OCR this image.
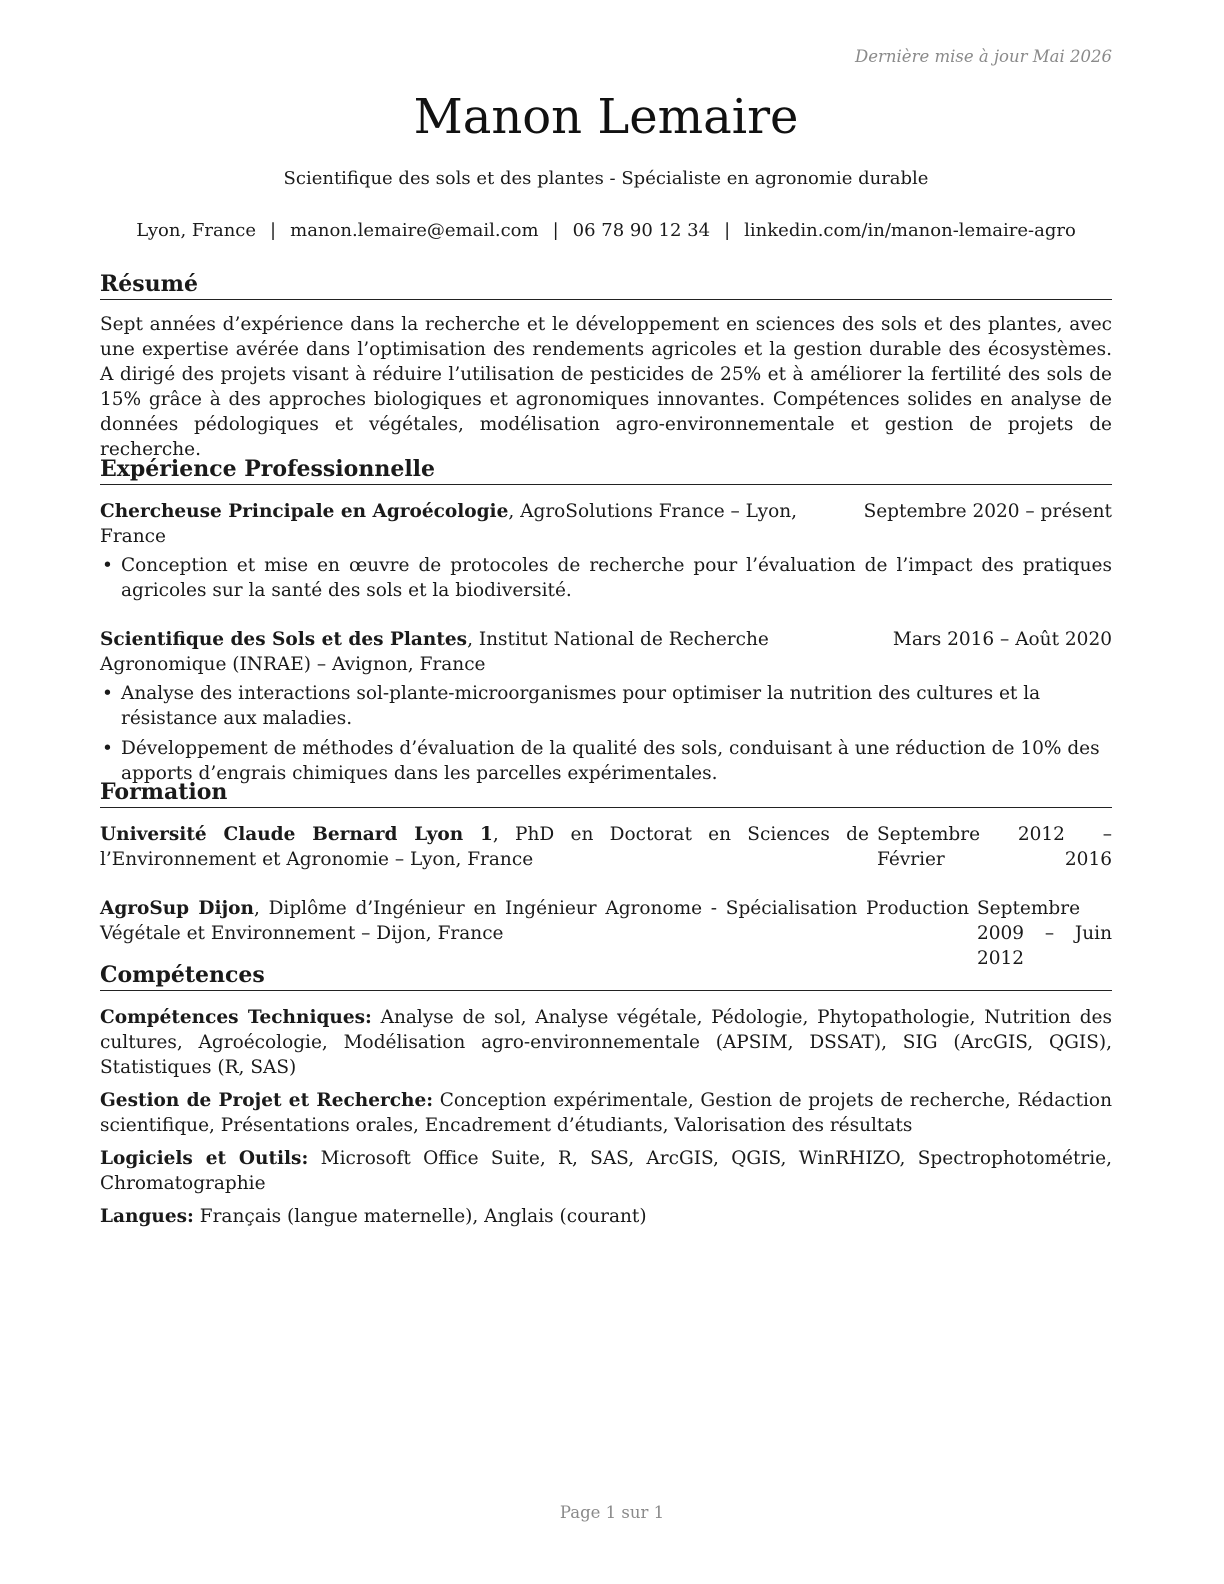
Dernière mise à jour Mai 2026
Manon Lemaire
Scientifique des sols et des plantes - Spécialiste en agronomie durable
Lyon, France | manon.lemaire@email.com | 06 78 90 12 34 | linkedin.com/in/manon-lemaire-agro
Résumé

Sept années d’expérience dans la recherche et le développement en sciences des sols et des plantes, avec une expertise avérée dans l’optimisation des rendements agricoles et la gestion durable des écosystèmes. A dirigé des projets visant à réduire l’utilisation de pesticides de 25% et à améliorer la fertilité des sols de 15% grâce à des approches biologiques et agronomiques innovantes. Compétences solides en analyse de données pédologiques et végétales, modélisation agro-environnementale et gestion de projets de recherche.

Expérience Professionnelle
Chercheuse Principale en Agroécologie, AgroSolutions France – Lyon, France
Septembre 2020 – présent
• Conception et mise en œuvre de protocoles de recherche pour l’évaluation de l’impact des pratiques agricoles sur la santé des sols et la biodiversité.
Scientifique des Sols et des Plantes, Institut National de Recherche Agronomique (INRAE) – Avignon, France
Mars 2016 – Août 2020
• Analyse des interactions sol-plante-microorganismes pour optimiser la nutrition des cultures et la résistance aux maladies.
• Développement de méthodes d’évaluation de la qualité des sols, conduisant à une réduction de 10% des apports d’engrais chimiques dans les parcelles expérimentales.
Formation
Université Claude Bernard Lyon 1, PhD en Doctorat en Sciences de l’Environnement et Agronomie – Lyon, France
Septembre 2012 – Février 2016
AgroSup Dijon, Diplôme d’Ingénieur en Ingénieur Agronome - Spécialisation Production Végétale et Environnement – Dijon, France
Septembre 2009 – Juin 2012
Compétences

Compétences Techniques: Analyse de sol, Analyse végétale, Pédologie, Phytopathologie, Nutrition des cultures, Agroécologie, Modélisation agro-environnementale (APSIM, DSSAT), SIG (ArcGIS, QGIS), Statistiques (R, SAS)

Gestion de Projet et Recherche: Conception expérimentale, Gestion de projets de recherche, Rédaction scientifique, Présentations orales, Encadrement d’étudiants, Valorisation des résultats

Logiciels et Outils: Microsoft Office Suite, R, SAS, ArcGIS, QGIS, WinRHIZO, Spectrophotométrie, Chromatographie

Langues: Français (langue maternelle), Anglais (courant)

Page 1 sur 1
